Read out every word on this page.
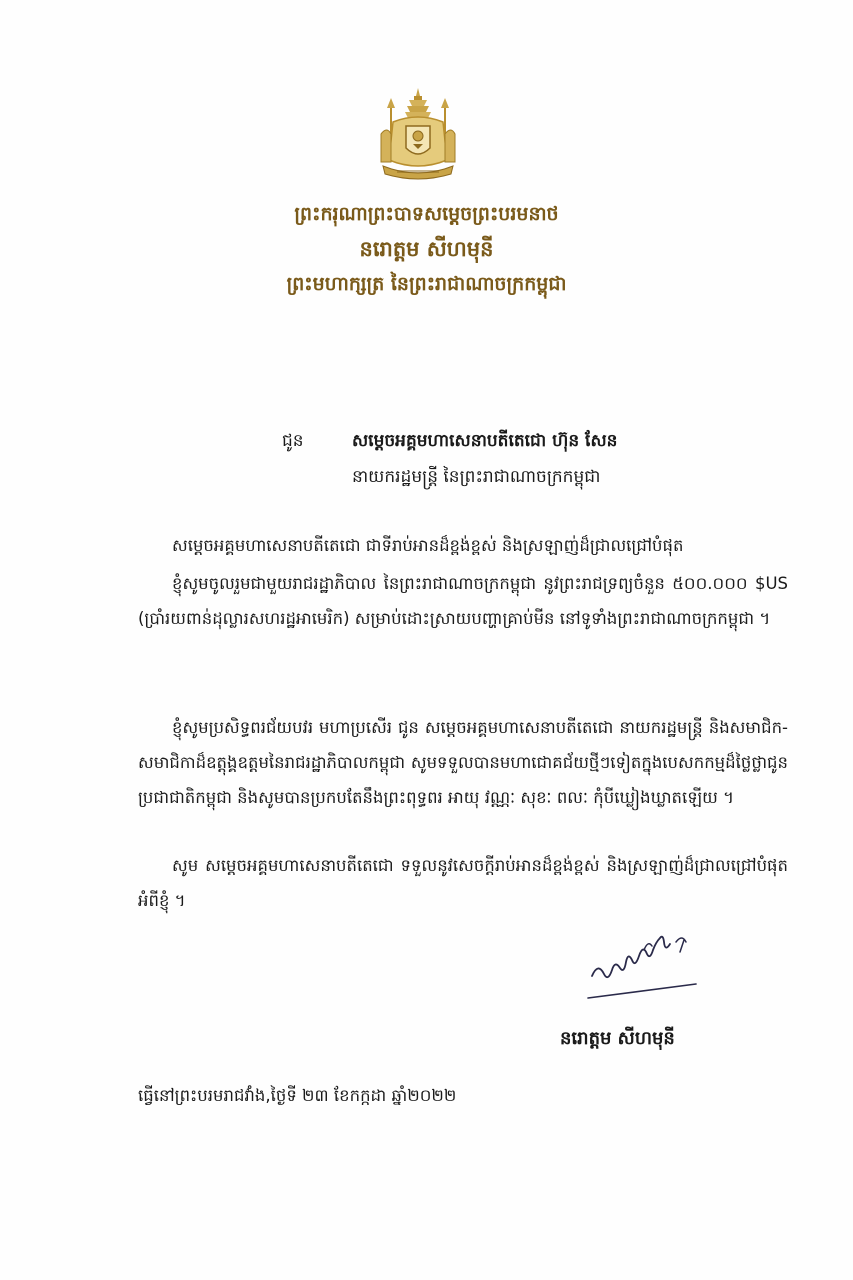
ព្រះករុណាព្រះបាទសម្តេចព្រះបរមនាថ
នរោត្តម សីហមុនី
ព្រះមហាក្សត្រ នៃព្រះរាជាណាចក្រកម្ពុជា
ជូន	សម្តេចអគ្គមហាសេនាបតីតេជោ ហ៊ុន សែន
នាយករដ្ឋមន្ត្រី នៃព្រះរាជាណាចក្រកម្ពុជា
សម្តេចអគ្គមហាសេនាបតីតេជោ ជាទីរាប់អានដ៏ខ្ពង់ខ្ពស់ និងស្រឡាញ់ដ៏ជ្រាលជ្រៅបំផុត
ខ្ញុំសូមចូលរួមជាមួយរាជរដ្ឋាភិបាល នៃព្រះរាជាណាចក្រកម្ពុជា នូវព្រះរាជទ្រព្យចំនួន ៥០០.០០០ $US (ប្រាំរយពាន់ដុល្លារសហរដ្ឋអាមេរិក) សម្រាប់ដោះស្រាយបញ្ហាគ្រាប់មីន នៅទូទាំងព្រះរាជាណាចក្រកម្ពុជា ។
ខ្ញុំសូមប្រសិទ្ធពរជ័យបវរ មហាប្រសើរ ជូន សម្តេចអគ្គមហាសេនាបតីតេជោ នាយករដ្ឋមន្ត្រី និងសមាជិក-សមាជិកាដ៏ឧត្តុង្គឧត្តមនៃរាជរដ្ឋាភិបាលកម្ពុជា សូមទទួលបានមហាជោគជ័យថ្មីៗទៀតក្នុងបេសកកម្មដ៏ថ្លៃថ្លាជូនប្រជាជាតិកម្ពុជា និងសូមបានប្រកបតែនឹងព្រះពុទ្ធពរ អាយុ វណ្ណៈ សុខៈ ពលៈ កុំបីឃ្លៀងឃ្លាតឡើយ ។
សូម សម្តេចអគ្គមហាសេនាបតីតេជោ ទទួលនូវសេចក្តីរាប់អានដ៏ខ្ពង់ខ្ពស់ និងស្រឡាញ់ដ៏ជ្រាលជ្រៅបំផុត អំពីខ្ញុំ ។
នរោត្តម សីហមុនី
ធ្វើនៅព្រះបរមរាជវាំង,ថ្ងៃទី ២៣ ខែកក្កដា ឆ្នាំ២០២២
